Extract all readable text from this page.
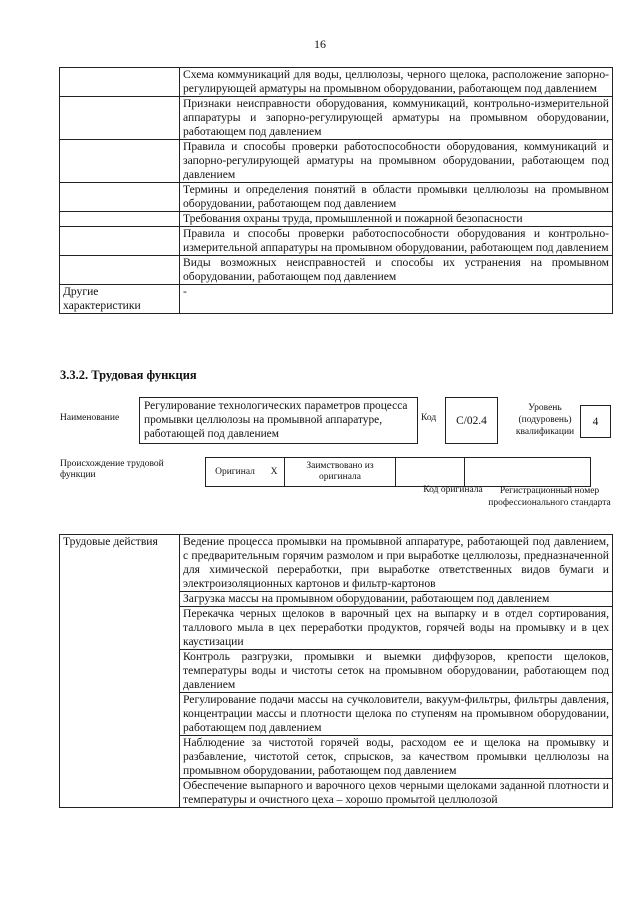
16
	Схема коммуникаций для воды, целлюлозы, черного щелока, расположение запорно-регулирующей арматуры на промывном оборудовании, работающем под давлением
	Признаки неисправности оборудования, коммуникаций, контрольно-измерительной аппаратуры и запорно-регулирующей арматуры на промывном оборудовании, работающем под давлением
	Правила и способы проверки работоспособности оборудования, коммуникаций и запорно-регулирующей арматуры на промывном оборудовании, работающем под давлением
	Термины и определения понятий в области промывки целлюлозы на промывном оборудовании, работающем под давлением
	Требования охраны труда, промышленной и пожарной безопасности
	Правила и способы проверки работоспособности оборудования и контрольно-измерительной аппаратуры на промывном оборудовании, работающем под давлением
	Виды возможных неисправностей и способы их устранения на промывном оборудовании, работающем под давлением
Другие характеристики	-
3.3.2. Трудовая функция
Наименование
Регулирование технологических параметров процесса промывки целлюлозы на промывной аппаратуре, работающей под давлением
Код	С/02.4
Уровень (подуровень) квалификации
4
Происхождение трудовой функции	Оригинал	Х	Заимствовано из оригинала		
Код оригинала	Регистрационный номер профессионального стандарта
Трудовые действия	Ведение процесса промывки на промывной аппаратуре, работающей под давлением, с предварительным горячим размолом и при выработке целлюлозы, предназначенной для химической переработки, при выработке ответственных видов бумаги и электроизоляционных картонов и фильтр-картонов
Загрузка массы на промывном оборудовании, работающем под давлением
Перекачка черных щелоков в варочный цех на выпарку и в отдел сортирования, таллового мыла в цех переработки продуктов, горячей воды на промывку и в цех каустизации
Контроль разгрузки, промывки и выемки диффузоров, крепости щелоков, температуры воды и чистоты сеток на промывном оборудовании, работающем под давлением
Регулирование подачи массы на сучколовители, вакуум-фильтры, фильтры давления, концентрации массы и плотности щелока по ступеням на промывном оборудовании, работающем под давлением
Наблюдение за чистотой горячей воды, расходом ее и щелока на промывку и разбавление, чистотой сеток, спрысков, за качеством промывки целлюлозы на промывном оборудовании, работающем под давлением
Обеспечение выпарного и варочного цехов черными щелоками заданной плотности и температуры и очистного цеха – хорошо промытой целлюлозой
